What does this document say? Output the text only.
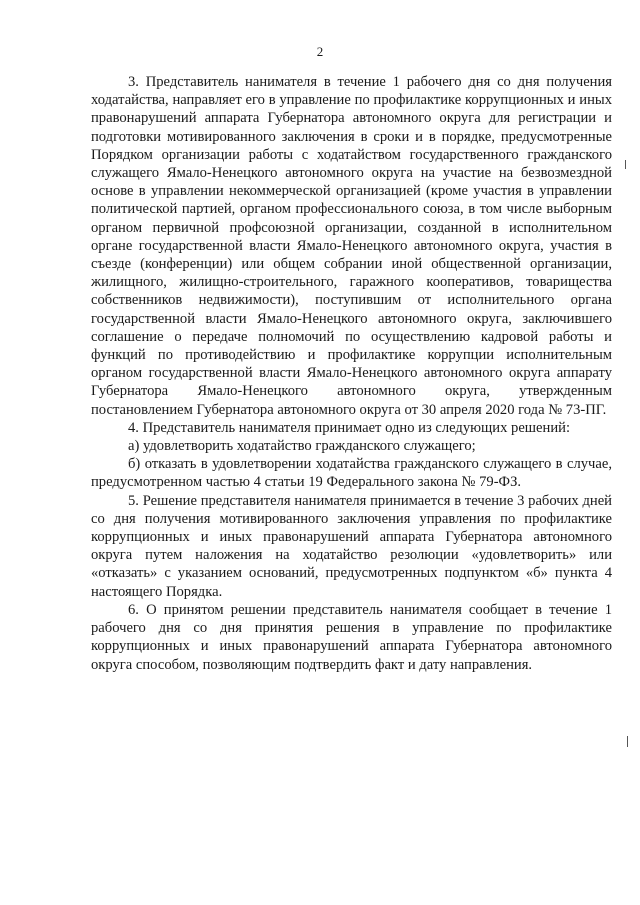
2

3. Представитель нанимателя в течение 1 рабочего дня со дня получения ходатайства, направляет его в управление по профилактике коррупционных и иных правонарушений аппарата Губернатора автономного округа для регистрации и подготовки мотивированного заключения в сроки и в порядке, предусмотренные Порядком организации работы с ходатайством государственного гражданского служащего Ямало-Ненецкого автономного округа на участие на безвозмездной основе в управлении некоммерческой организацией (кроме участия в управлении политической партией, органом профессионального союза, в том числе выборным органом первичной профсоюзной организации, созданной в исполнительном органе государственной власти Ямало-Ненецкого автономного округа, участия в съезде (конференции) или общем собрании иной общественной организации, жилищного, жилищно-строительного, гаражного кооперативов, товарищества собственников недвижимости), поступившим от исполнительного органа государственной власти Ямало-Ненецкого автономного округа, заключившего соглашение о передаче полномочий по осуществлению кадровой работы и функций по противодействию и профилактике коррупции исполнительным органом государственной власти Ямало-Ненецкого автономного округа аппарату Губернатора Ямало-Ненецкого автономного округа, утвержденным постановлением Губернатора автономного округа от 30 апреля 2020 года № 73-ПГ.

4. Представитель нанимателя принимает одно из следующих решений:

а) удовлетворить ходатайство гражданского служащего;

б) отказать в удовлетворении ходатайства гражданского служащего в случае, предусмотренном частью 4 статьи 19 Федерального закона № 79-ФЗ.

5. Решение представителя нанимателя принимается в течение 3 рабочих дней со дня получения мотивированного заключения управления по профилактике коррупционных и иных правонарушений аппарата Губернатора автономного округа путем наложения на ходатайство резолюции «удовлетворить» или «отказать» с указанием оснований, предусмотренных подпунктом «б» пункта 4 настоящего Порядка.

6. О принятом решении представитель нанимателя сообщает в течение 1 рабочего дня со дня принятия решения в управление по профилактике коррупционных и иных правонарушений аппарата Губернатора автономного округа способом, позволяющим подтвердить факт и дату направления.
